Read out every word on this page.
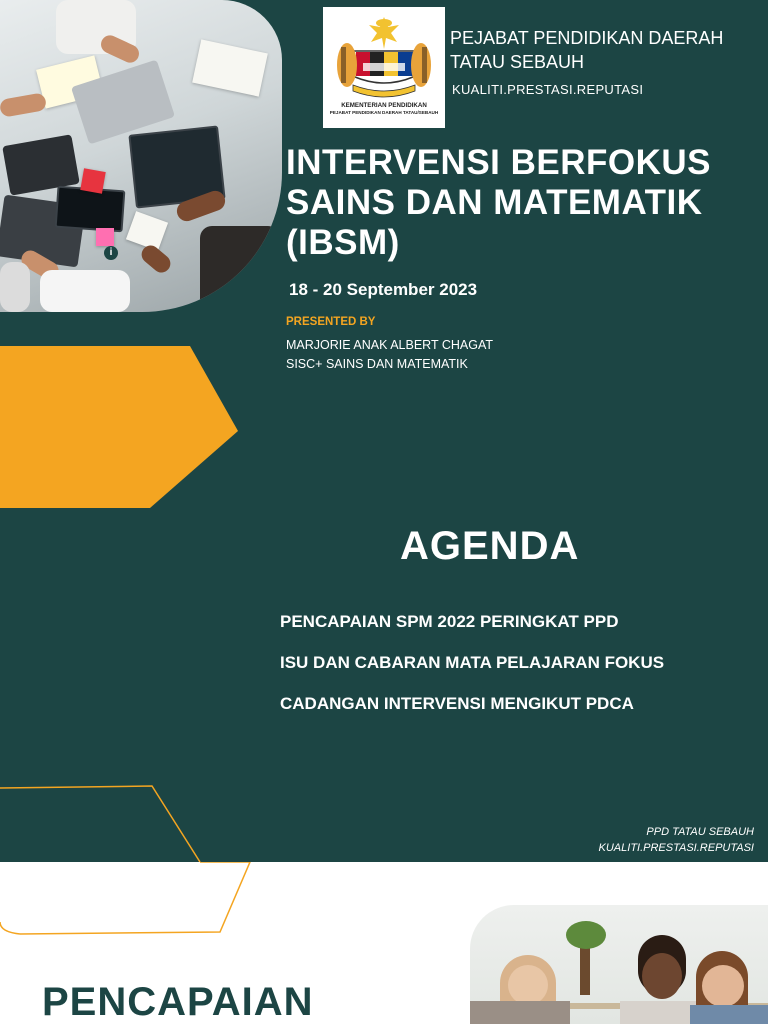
i
KEMENTERIAN PENDIDIKAN
PEJABAT PENDIDIKAN DAERAH TATAU/SEBAUH
PEJABAT PENDIDIKAN DAERAH
TATAU SEBAUH
KUALITI.PRESTASI.REPUTASI
INTERVENSI BERFOKUS
SAINS DAN MATEMATIK
(IBSM)
18 - 20 September 2023
PRESENTED BY
MARJORIE ANAK ALBERT CHAGAT
SISC+ SAINS DAN MATEMATIK
AGENDA
PENCAPAIAN SPM 2022 PERINGKAT PPD
ISU DAN CABARAN MATA PELAJARAN FOKUS
CADANGAN INTERVENSI MENGIKUT PDCA
PPD TATAU SEBAUH
KUALITI.PRESTASI.REPUTASI
PENCAPAIAN
